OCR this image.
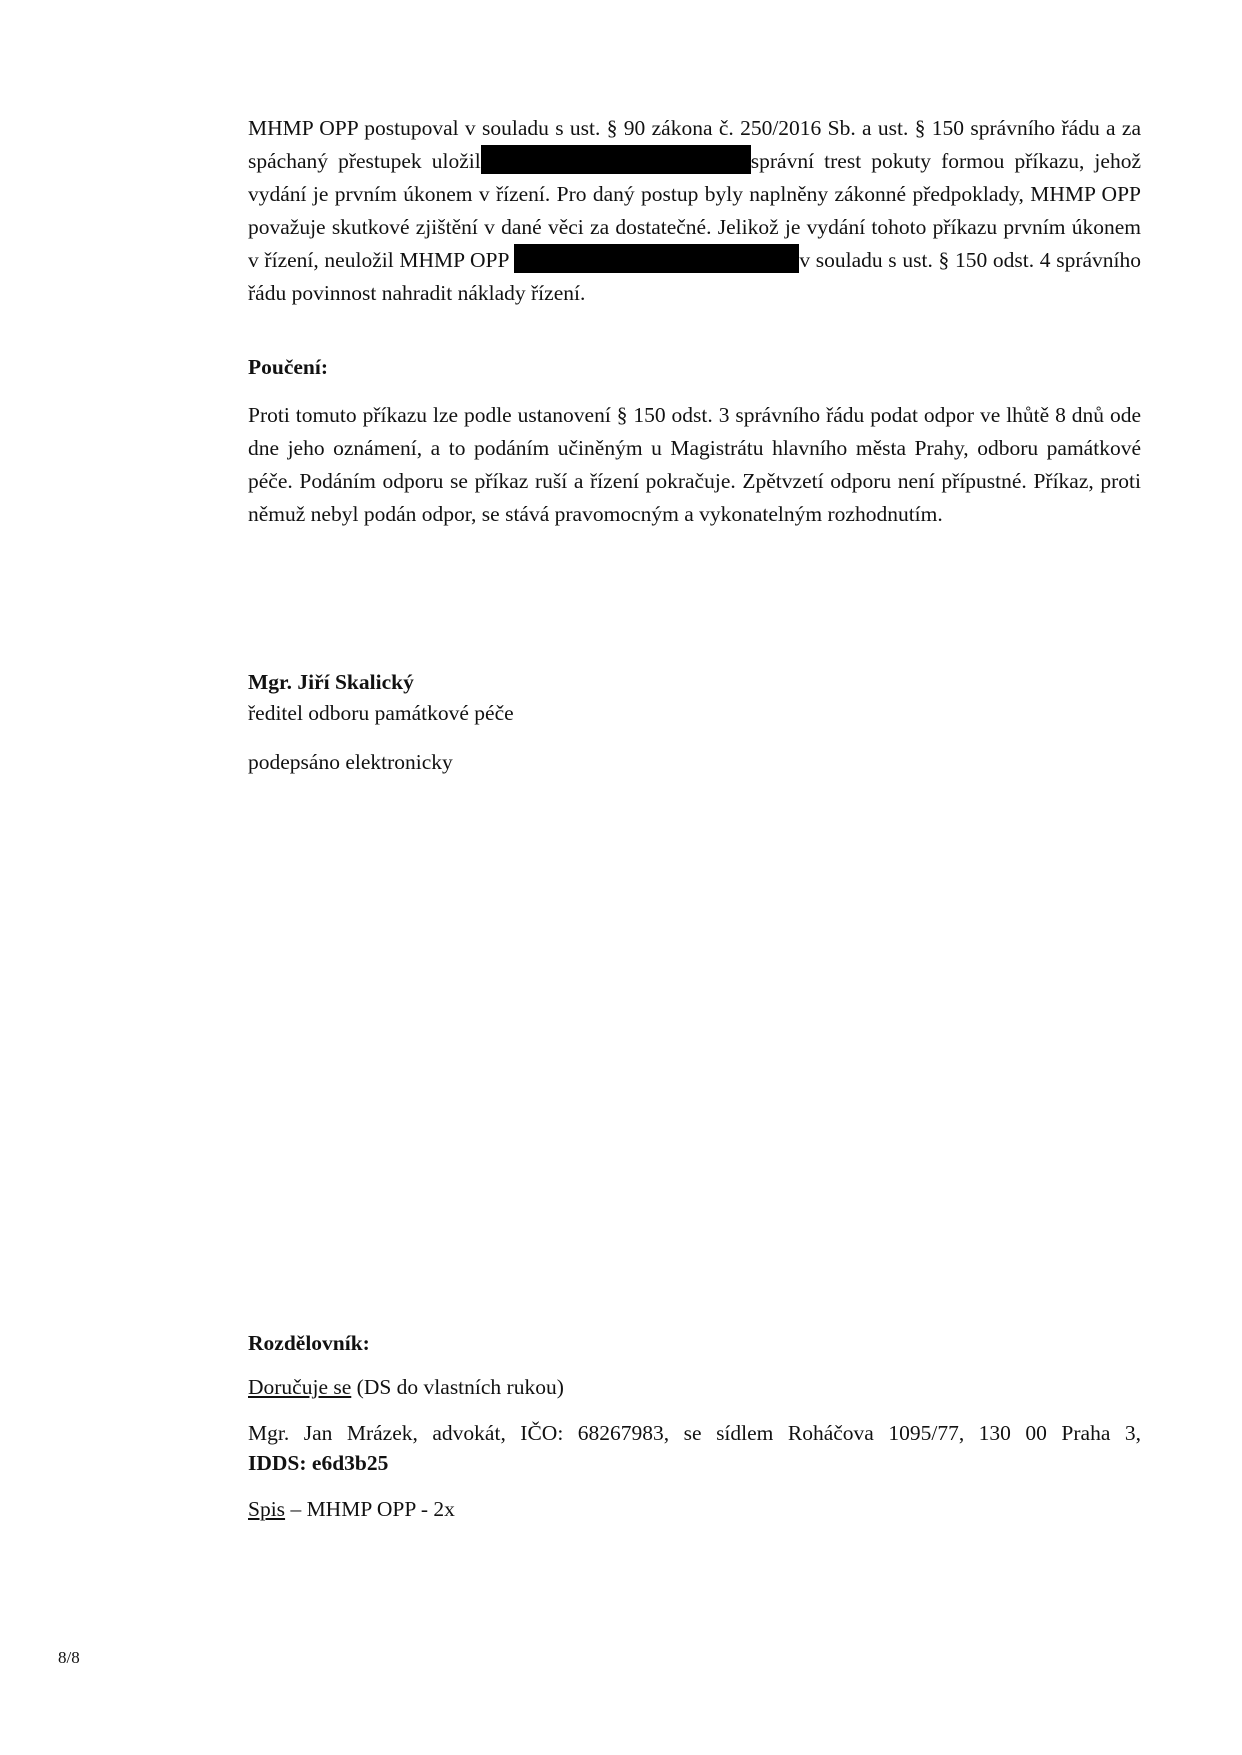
MHMP OPP postupoval v souladu s ust. § 90 zákona č. 250/2016 Sb. a ust. § 150 správního řádu a za spáchaný přestupek uložil	správní trest pokuty formou příkazu, jehož vydání je prvním úkonem v řízení. Pro daný postup byly naplněny zákonné předpoklady, MHMP OPP považuje skutkové zjištění v dané věci za dostatečné. Jelikož je vydání tohoto příkazu prvním úkonem v řízení, neuložil MHMP OPP	v souladu s ust. § 150 odst. 4 správního řádu povinnost nahradit náklady řízení.
Poučení:
Proti tomuto příkazu lze podle ustanovení § 150 odst. 3 správního řádu podat odpor ve lhůtě 8 dnů ode dne jeho oznámení, a to podáním učiněným u Magistrátu hlavního města Prahy, odboru památkové péče. Podáním odporu se příkaz ruší a řízení pokračuje. Zpětvzetí odporu není přípustné. Příkaz, proti němuž nebyl podán odpor, se stává pravomocným a vykonatelným rozhodnutím.
Mgr. Jiří Skalický
ředitel odboru památkové péče
podepsáno elektronicky
Rozdělovník:
Doručuje se (DS do vlastních rukou)
Mgr. Jan Mrázek, advokát, IČO: 68267983, se sídlem Roháčova 1095/77, 130 00 Praha 3,
IDDS: e6d3b25
Spis – MHMP OPP - 2x
8/8
